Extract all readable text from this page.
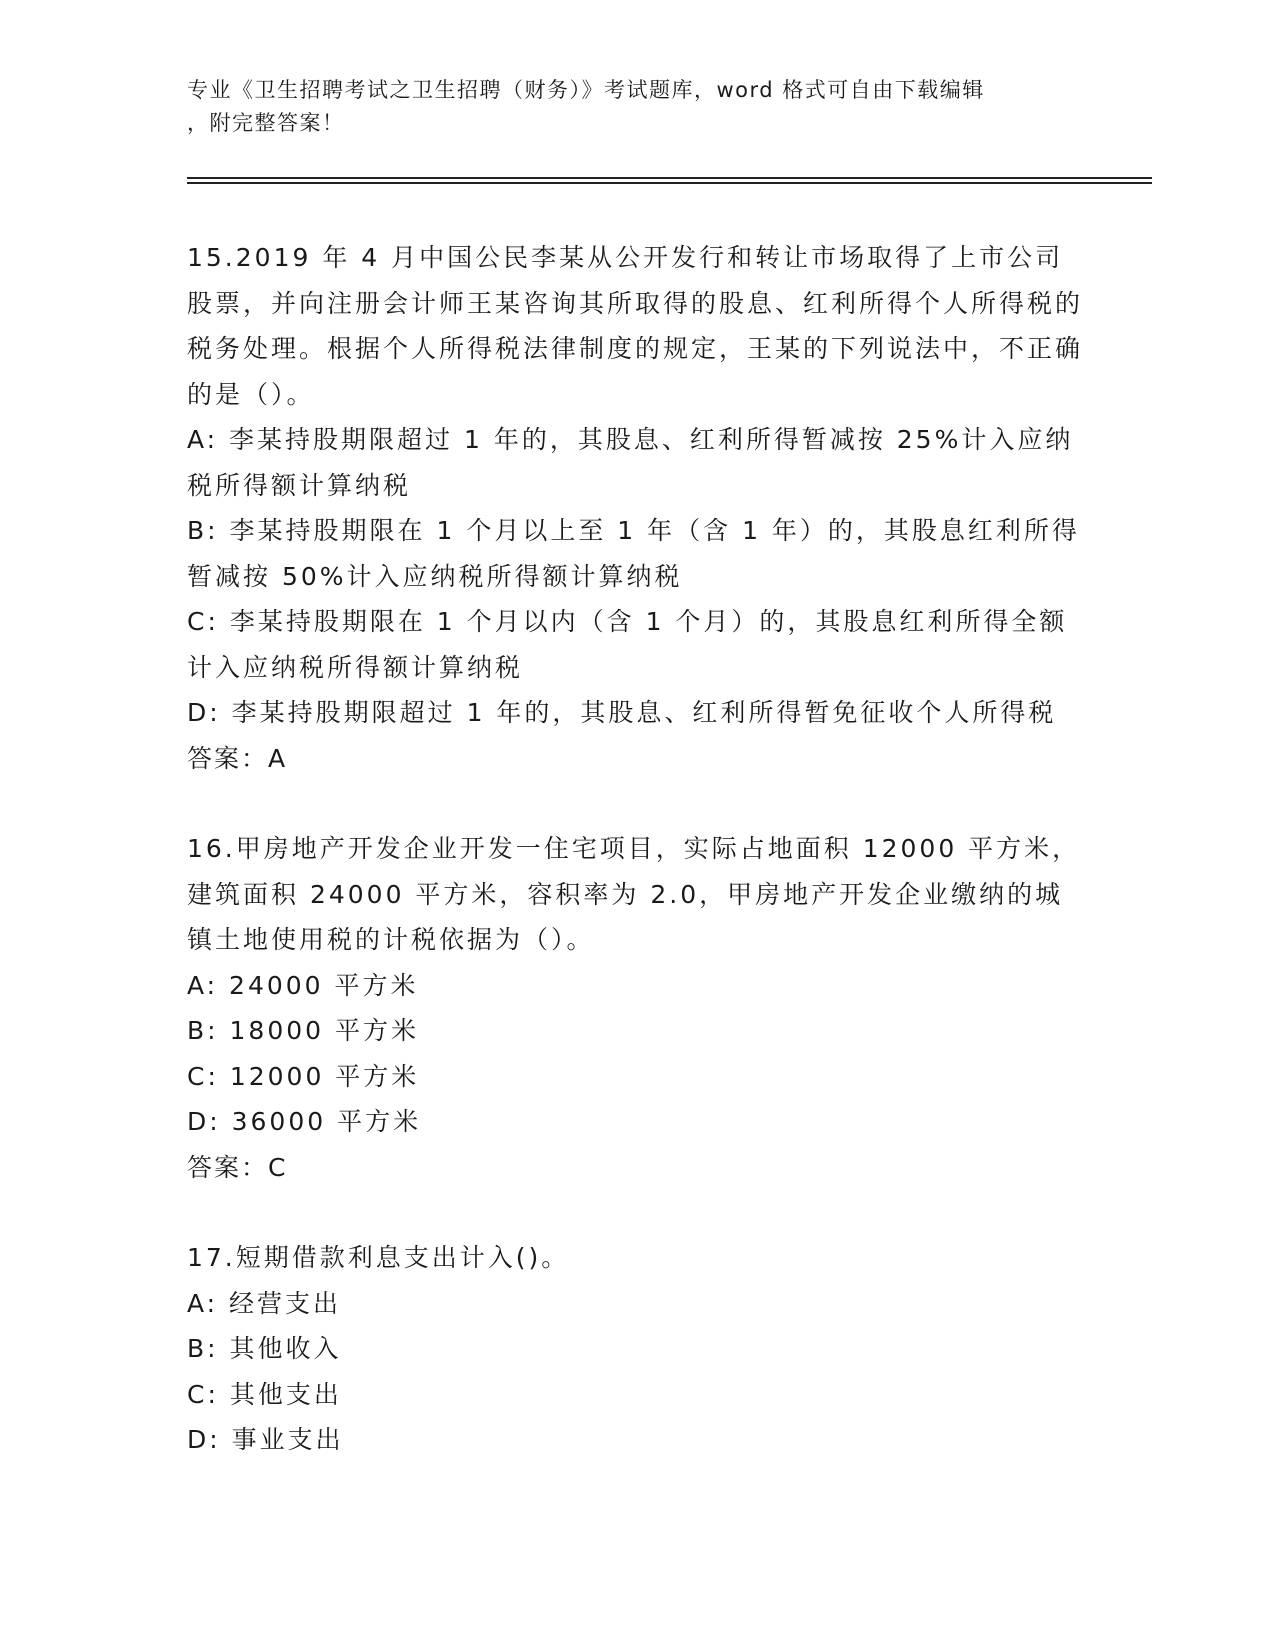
专业《卫生招聘考试之卫生招聘（财务）》考试题库，word 格式可自由下载编辑
，附完整答案！

15.2019 年 4 月中国公民李某从公开发行和转让市场取得了上市公司股票，并向注册会计师王某咨询其所取得的股息、红利所得个人所得税的税务处理。根据个人所得税法律制度的规定，王某的下列说法中，不正确的是（）。

A: 李某持股期限超过 1 年的，其股息、红利所得暂减按 25%计入应纳税所得额计算纳税

B: 李某持股期限在 1 个月以上至 1 年（含 1 年）的，其股息红利所得暂减按 50%计入应纳税所得额计算纳税

C: 李某持股期限在 1 个月以内（含 1 个月）的，其股息红利所得全额计入应纳税所得额计算纳税

D: 李某持股期限超过 1 年的，其股息、红利所得暂免征收个人所得税

答案：A

16.甲房地产开发企业开发一住宅项目，实际占地面积 12000 平方米，建筑面积 24000 平方米，容积率为 2.0，甲房地产开发企业缴纳的城镇土地使用税的计税依据为（）。

A: 24000 平方米

B: 18000 平方米

C: 12000 平方米

D: 36000 平方米

答案：C

17.短期借款利息支出计入()。

A: 经营支出

B: 其他收入

C: 其他支出

D: 事业支出
